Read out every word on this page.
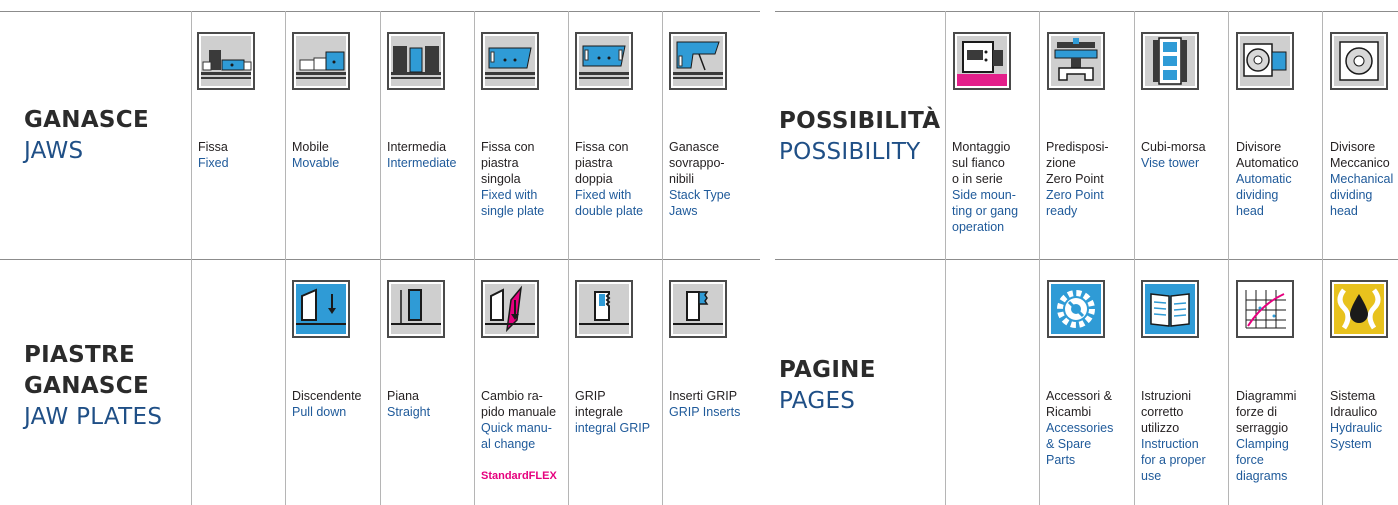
GANASCE
JAWS
PIASTRE
GANASCE
JAW PLATES
POSSIBILITÀ
POSSIBILITY
PAGINE
PAGES
Fissa
Fixed
Mobile
Movable
Intermedia
Intermediate
Fissa con
piastra
singola
Fixed with
single plate
Fissa con
piastra
doppia
Fixed with
double plate
Ganasce
sovrappo-
nibili
Stack Type
Jaws
Discendente
Pull down
Piana
Straight
Cambio ra-
pido manuale
Quick manu-
al change
StandardFLEX
GRIP
integrale
integral GRIP
Inserti GRIP
GRIP Inserts
Montaggio
sul fianco
o in serie
Side moun-
ting or gang
operation
Predisposi-
zione
Zero Point
Zero Point
ready
Cubi-morsa
Vise tower
Divisore
Automatico
Automatic
dividing
head
Divisore
Meccanico
Mechanical
dividing
head
Accessori &
Ricambi
Accessories
& Spare
Parts
Istruzioni
corretto
utilizzo
Instruction
for a proper
use
Diagrammi
forze di
serraggio
Clamping
force
diagrams
Sistema
Idraulico
Hydraulic
System
